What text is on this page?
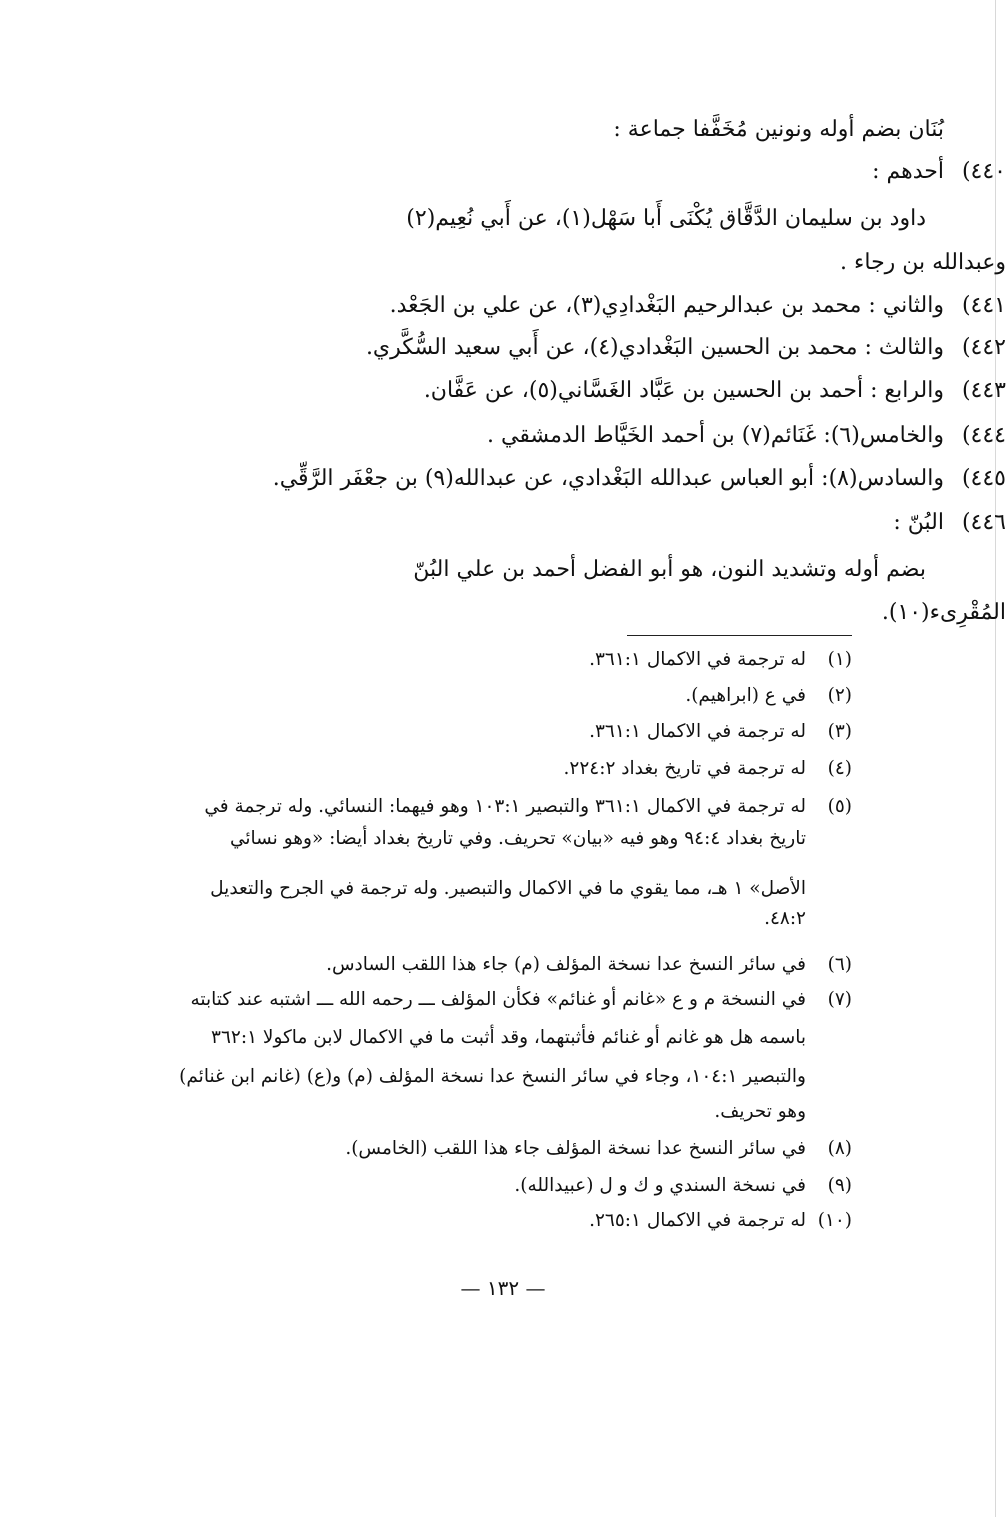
بُنَان بضم أوله ونونين مُخَفَّفا جماعة :
٤٤٠)أحدهم :
داود بن سليمان الدَّقَّاق يُكْنَى أَبا سَهْل(١)، عن أَبي نُعِيم(٢)
وعبدالله بن رجاء .
٤٤١)والثاني : محمد بن عبدالرحيم البَغْدادِي(٣)، عن علي بن الجَعْد.
٤٤٢)والثالث : محمد بن الحسين البَغْدادي(٤)، عن أَبي سعيد السُّكَّري.
٤٤٣)والرابع : أحمد بن الحسين بن عَبَّاد الغَسَّاني(٥)، عن عَفَّان.
٤٤٤)والخامس(٦): غَنَائم(٧) بن أحمد الخَيَّاط الدمشقي .
٤٤٥)والسادس(٨): أبو العباس عبدالله البَغْدادي، عن عبدالله(٩) بن جعْفَر الرَّقِّي.
٤٤٦)البُنّ :
بضم أوله وتشديد النون، هو أبو الفضل أحمد بن علي البُنّ
المُقْرِىء(١٠).
(١)له ترجمة في الاكمال ٣٦١:١.
(٢)في ع (ابراهيم).
(٣)له ترجمة في الاكمال ٣٦١:١.
(٤)له ترجمة في تاريخ بغداد ٢٢٤:٢.
(٥)له ترجمة في الاكمال ٣٦١:١ والتبصير ١٠٣:١ وهو فيهما: النسائي. وله ترجمة في
تاريخ بغداد ٩٤:٤ وهو فيه «بيان» تحريف. وفي تاريخ بغداد أيضا: «وهو نسائي
الأصل» ١ هـ، مما يقوي ما في الاكمال والتبصير. وله ترجمة في الجرح والتعديل
٤٨:٢.
(٦)في سائر النسخ عدا نسخة المؤلف (م) جاء هذا اللقب السادس.
(٧)في النسخة م و ع «غانم أو غنائم» فكأن المؤلف ـــ رحمه الله ـــ اشتبه عند كتابته
باسمه هل هو غانم أو غنائم فأثبتهما، وقد أثبت ما في الاكمال لابن ماكولا ٣٦٢:١
والتبصير ١٠٤:١، وجاء في سائر النسخ عدا نسخة المؤلف (م) و(ع) (غانم ابن غنائم)
وهو تحريف.
(٨)في سائر النسخ عدا نسخة المؤلف جاء هذا اللقب (الخامس).
(٩)في نسخة السندي و ك و ل (عبيدالله).
(١٠)له ترجمة في الاكمال ٢٦٥:١.
— ١٣٢ —
